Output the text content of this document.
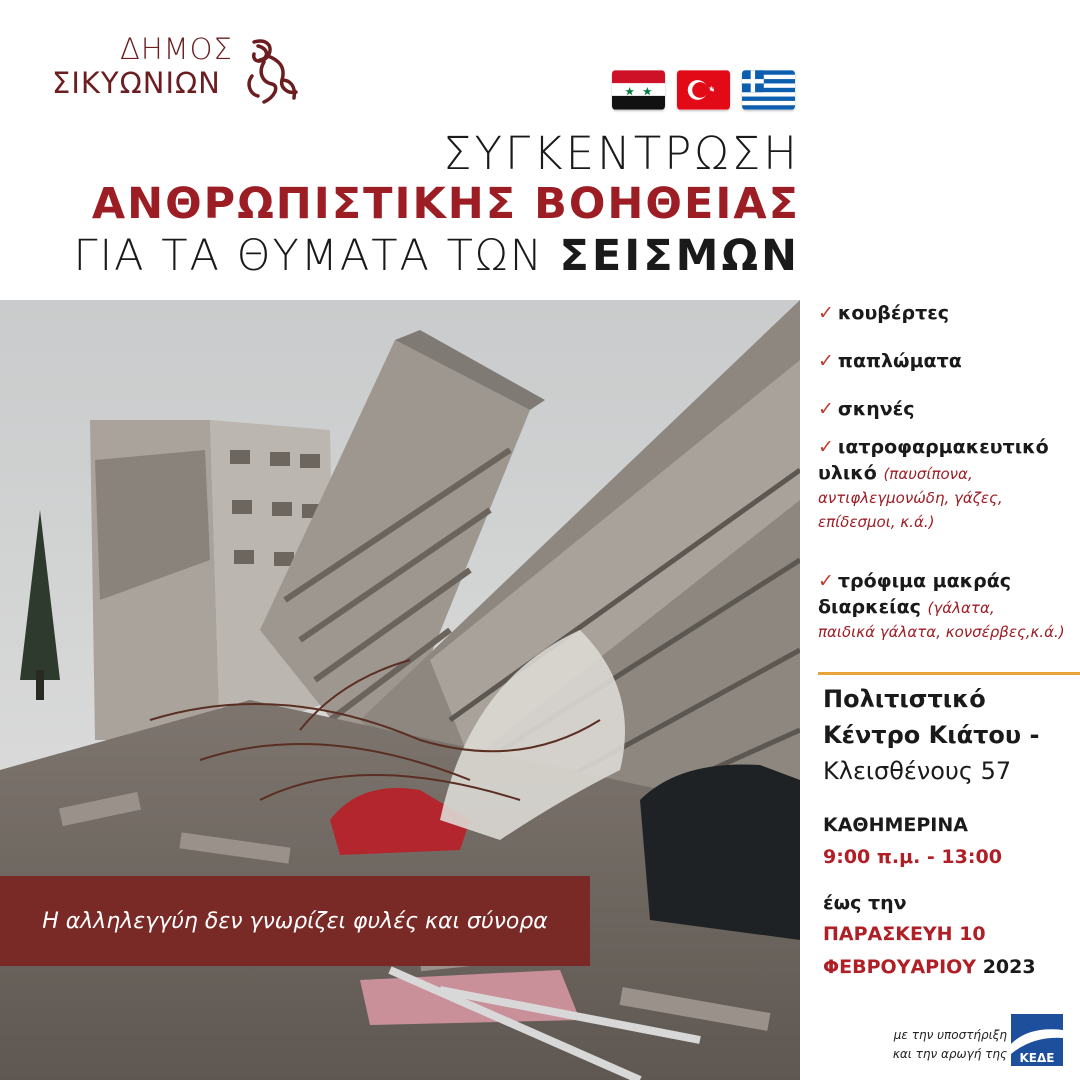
ΔΗΜΟΣ
ΣΙΚΥΩΝΙΩΝ
ΣΥΓΚΕΝΤΡΩΣΗ
ΑΝΘΡΩΠΙΣΤΙΚΗΣ ΒΟΗΘΕΙΑΣ
ΓΙΑ ΤΑ ΘΥΜΑΤΑ ΤΩΝ ΣΕΙΣΜΩΝ
Η αλληλεγγύη δεν γνωρίζει φυλές και σύνορα
✓ κουβέρτες
✓ παπλώματα
✓ σκηνές
✓ ιατροφαρμακευτικό
υλικό (παυσίπονα,
αντιφλεγμονώδη, γάζες,
επίδεσμοι, κ.ά.)
✓ τρόφιμα μακράς
διαρκείας (γάλατα,
παιδικά γάλατα, κονσέρβες,κ.ά.)
Πολιτιστικό
Κέντρο Κιάτου -
Κλεισθένους 57
ΚΑΘΗΜΕΡΙΝΑ
9:00 π.μ. - 13:00
έως την
ΠΑΡΑΣΚΕΥΗ 10
ΦΕΒΡΟΥΑΡΙΟΥ 2023
με την υποστήριξη
και την αρωγή της ΚΕΔΕ
